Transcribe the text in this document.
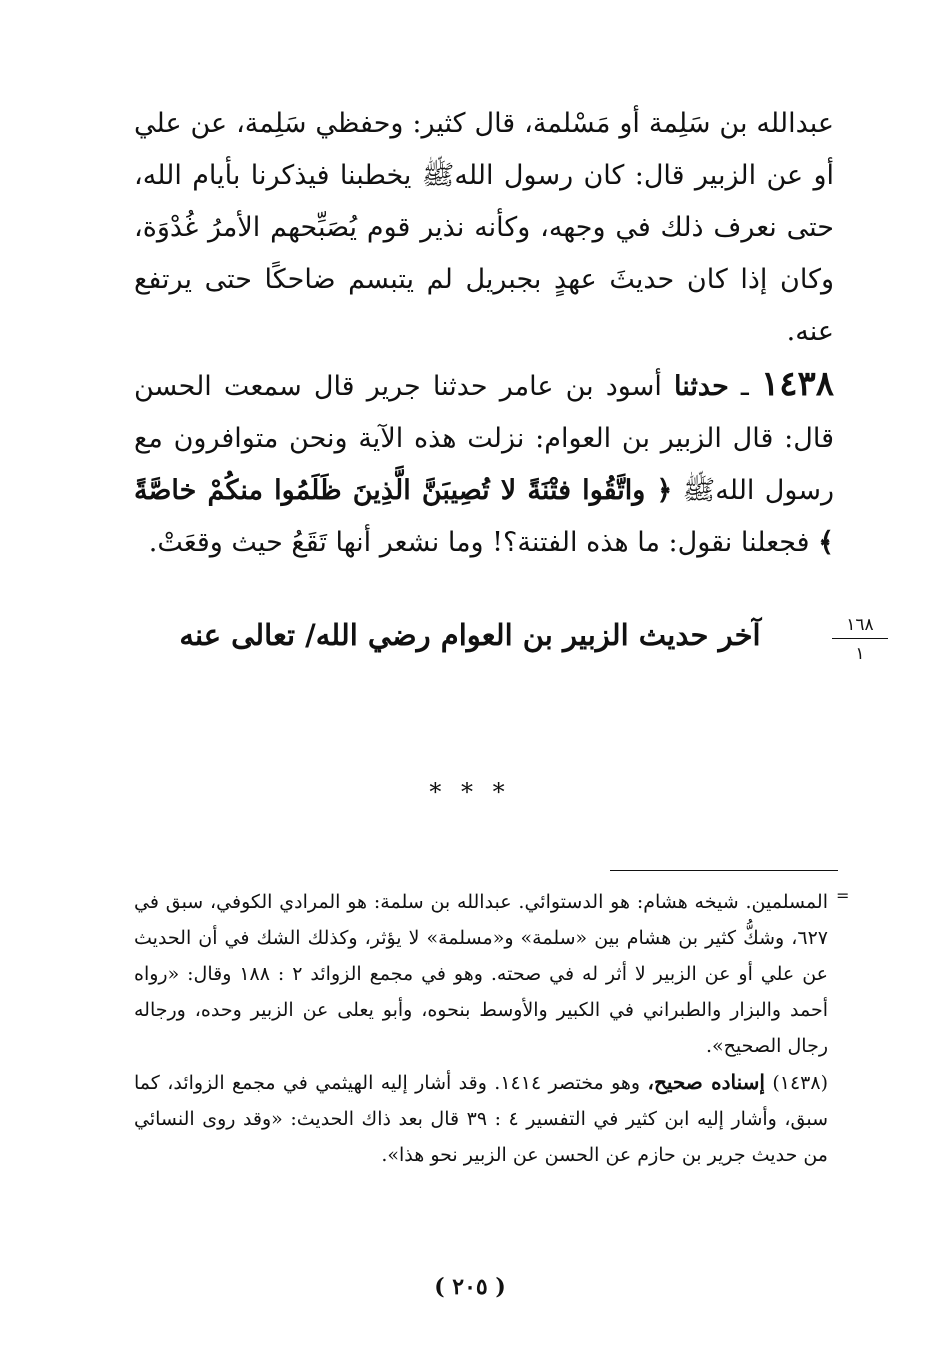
عبدالله بن سَلِمة أو مَسْلمة، قال كثير: وحفظي سَلِمة، عن علي أو عن الزبير قال: كان رسول اللهﷺ يخطبنا فيذكرنا بأيام الله، حتى نعرف ذلك في وجهه، وكأنه نذير قوم يُصَبِّحهم الأمرُ غُدْوَة، وكان إذا كان حديثَ عهدٍ بجبريل لم يتبسم ضاحكًا حتى يرتفع عنه.

١٤٣٨ ـ حدثنا أسود بن عامر حدثنا جرير قال سمعت الحسن قال: قال الزبير بن العوام: نزلت هذه الآية ونحن متوافرون مع رسول اللهﷺ ﴿ واتَّقُوا فتْنَةً لا تُصِيبَنَّ الَّذِينَ ظَلَمُوا منكُمْ خاصَّةً ﴾ فجعلنا نقول: ما هذه الفتنة؟! وما نشعر أنها تَقَعُ حيث وقعَتْ.

١٦٨
١
آخر حديث الزبير بن العوام رضي الله/ تعالى عنه
* * *
=

المسلمين. شيخه هشام: هو الدستوائي. عبدالله بن سلمة: هو المرادي الكوفي، سبق في ٦٢٧، وشكُّ كثير بن هشام بين «سلمة» و«مسلمة» لا يؤثر، وكذلك الشك في أن الحديث عن علي أو عن الزبير لا أثر له في صحته. وهو في مجمع الزوائد ٢ : ١٨٨ وقال: «رواه أحمد والبزار والطبراني في الكبير والأوسط بنحوه، وأبو يعلى عن الزبير وحده، ورجاله رجال الصحيح».

(١٤٣٨) إسناده صحيح، وهو مختصر ١٤١٤. وقد أشار إليه الهيثمي في مجمع الزوائد، كما سبق، وأشار إليه ابن كثير في التفسير ٤ : ٣٩ قال بعد ذاك الحديث: «وقد روى النسائي من حديث جرير بن حازم عن الحسن عن الزبير نحو هذا».

( ٢٠٥ )
